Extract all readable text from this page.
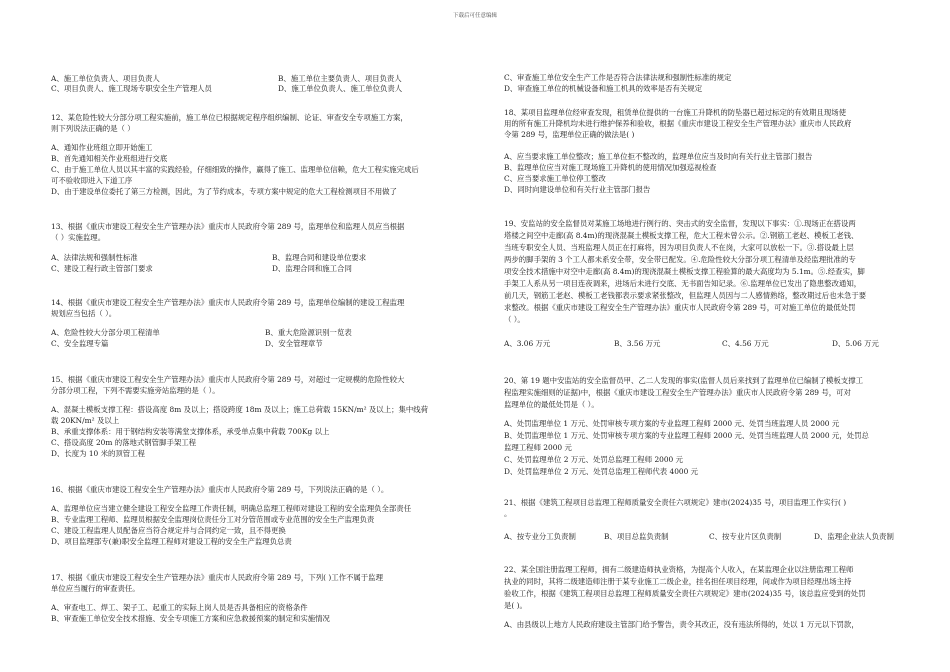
下载后可任意编辑
A、施工单位负责人、项目负责人	B、施工单位主要负责人、项目负责人
C、项目负责人、施工现场专职安全生产管理人员	D、施工单位负责人、施工单位负责人
12、某危险性较大分部分项工程实施前，施工单位已根据规定程序组织编制、论证、审查安全专项施工方案，
则下列说法正确的是（ ）
A、通知作业班组立即开始施工
B、首先通知相关作业班组进行交底
C、由于施工单位人员以其丰富的实践经验，仔细细致的操作，赢得了施工、监理单位信赖，危大工程实施完成后
可不验收即进入下道工序
D、由于建设单位委托了第三方检测，因此，为了节约成本，专项方案中规定的危大工程检测项目不用做了
13、根据《重庆市建设工程安全生产管理办法》重庆市人民政府令第 289 号，监理单位和监理人员应当根据
（ ）实施监理。
A、法律法规和强制性标准	B、监理合同和建设单位要求
C、建设工程行政主管部门要求	D、监理合同和施工合同
14、根据《重庆市建设工程安全生产管理办法》重庆市人民政府令第 289 号，监理单位编制的建设工程监理
规划应当包括（ ）。
A、危险性较大分部分项工程清单	B、重大危险源识别一览表
C、安全监理专篇	D、安全管理章节
15、根据《重庆市建设工程安全生产管理办法》重庆市人民政府令第 289 号，对超过一定规模的危险性较大
分部分项工程，下列不需要实施旁站监理的是（ ）。
A、混凝土模板支撑工程：搭设高度 8m 及以上；搭设跨度 18m 及以上；施工总荷载 15KN/m² 及以上；集中线荷
载 20KN/m² 及以上
B、承重支撑体系：用于钢结构安装等满堂支撑体系，承受单点集中荷载 700Kg 以上
C、搭设高度 20m 的落地式钢管脚手架工程
D、长度为 10 米的顶管工程
16、根据《重庆市建设工程安全生产管理办法》重庆市人民政府令第 289 号，下列说法正确的是（ ）。
A、监理单位应当建立健全建设工程安全监理工作责任制，明确总监理工程师对建设工程的安全监理负全部责任
B、专业监理工程师、监理员根据安全监理岗位责任分工对分管范围或专业范围的安全生产监理负责
C、建设工程监理人员配备应当符合规定并与合同约定一致，且不得更换
D、项目监理部专(兼)职安全监理工程师对建设工程的安全生产监理负总责
17、根据《重庆市建设工程安全生产管理办法》重庆市人民政府令第 289 号，下列( )工作不属于监理
单位应当履行的审查责任。
A、审查电工、焊工、架子工、起重工的实际上岗人员是否具备相应的资格条件
B、审查施工单位安全技术措施、安全专项施工方案和应急救援预案的制定和实施情况
C、审查施工单位安全生产工作是否符合法律法规和强制性标准的规定
D、审查施工单位的机械设备和施工机具的效率是否有关规定
18、某项目监理单位经审查发现，租赁单位提供的一台施工升降机的防坠器已超过标定的有效期且现场使
用的所有施工升降机均未进行维护保养和验收，根据《重庆市建设工程安全生产管理办法》重庆市人民政府
令第 289 号，监理单位正确的做法是( )
A、应当要求施工单位整改；施工单位拒不整改的，监理单位应当及时向有关行业主管部门报告
B、监理单位应当对施工现场施工升降机的使用情况加强巡视检查
C、应当要求施工单位停工整改
D、同时向建设单位和有关行业主管部门报告
19、安监站的安全监督员对某施工场地进行例行的、突击式的安全监督，发现以下事实：①.现场正在搭设两
塔楼之间空中走廊(高 8.4m)的现浇混凝土模板支撑工程，危大工程未曾公示。②.钢筋工老赵、模板工老钱、
当班专职安全人员、当班监理人员正在打麻将，因为项目负责人不在岗，大家可以放松一下。③.搭设最上层
两步的脚手架的 3 个工人都未系安全带，安全带已配发。④.危险性较大分部分项工程清单及经监理批准的专
项安全技术措施中对空中走廊(高 8.4m)的现浇混凝土模板支撑工程验算的最大高度均为 5.1m。⑤.经查实，脚
手架工人系从另一项目连夜调来，进场后未进行交底、无书面告知记录。⑥.监理单位已发出了隐患整改通知，
前几天，钢筋工老赵、模板工老钱都表示要求紧张整改，但监理人员因与二人感情熟络，整改期过后也未急于要
求整改。根据《重庆市建设工程安全生产管理办法》重庆市人民政府令第 289 号，可对施工单位的最低处罚
（ ）。
A、3.06 万元	B、3.56 万元	C、4.56 万元	D、5.06 万元
20、第 19 题中安监站的安全监督员甲、乙二人发现的事实(监督人员后来找到了监理单位已编制了模板支撑工
程监理实施细则的证据)中，根据《重庆市建设工程安全生产管理办法》重庆市人民政府令第 289 号，可对
监理单位的最低处罚是（ ）。
A、处罚监理单位 1 万元、处罚审核专项方案的专业监理工程师 2000 元、处罚当班监理人员 2000 元
B、处罚监理单位 1 万元、处罚审核专项方案的专业监理工程师 2000 元、处罚当班监理人员 2000 元，处罚总
监理工程师 2000 元
C、处罚监理单位 2 万元、处罚总监理工程师 2000 元
D、处罚监理单位 2 万元、处罚总监理工程师代表 4000 元
21、根据《建筑工程项目总监理工程师质量安全责任六项规定》建市(2024)35 号，项目监理工作实行( )
。
A、按专业分工负责制	B、项目总监负责制	C、按专业片区负责制	D、监理企业法人负责制
22、某全国注册监理工程师，拥有二级建造师执业资格，为提高个人收入，在某监理企业以注册监理工程师
执业的同时，其将二级建造师注册于某专业施工二级企业，挂名担任项目经理，间或作为项目经理出场主持
验收工作，根据《建筑工程项目总监理工程师质量安全责任六项规定》建市(2024)35 号，该总监应受到的处罚
是( )。
A、由县级以上地方人民政府建设主管部门给予警告，责令其改正，没有违法所得的，处以 1 万元以下罚款，
